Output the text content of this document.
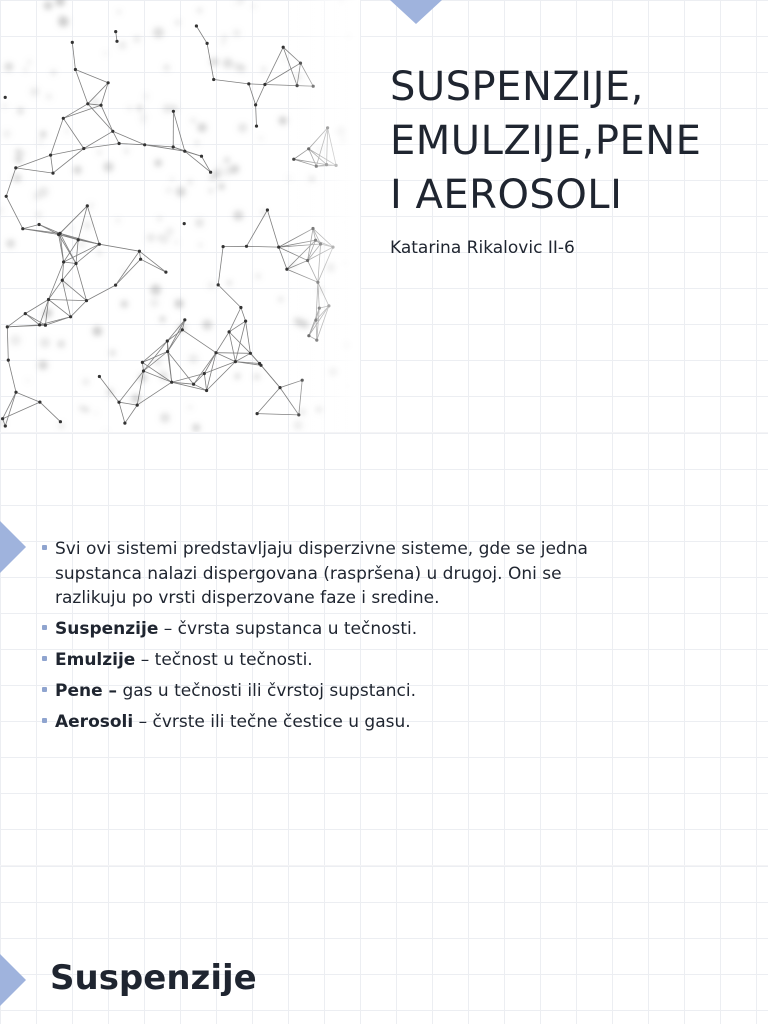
SUSPENZIJE,
EMULZIJE,PENE
I AEROSOLI

Katarina Rikalovic II-6

Svi ovi sistemi predstavljaju disperzivne sisteme, gde se jedna supstanca nalazi dispergovana (raspršena) u drugoj. Oni se razlikuju po vrsti disperzovane faze i sredine.
Suspenzije – čvrsta supstanca u tečnosti.
Emulzije – tečnost u tečnosti.
Pene – gas u tečnosti ili čvrstoj supstanci.
Aerosoli – čvrste ili tečne čestice u gasu.
Suspenzije
